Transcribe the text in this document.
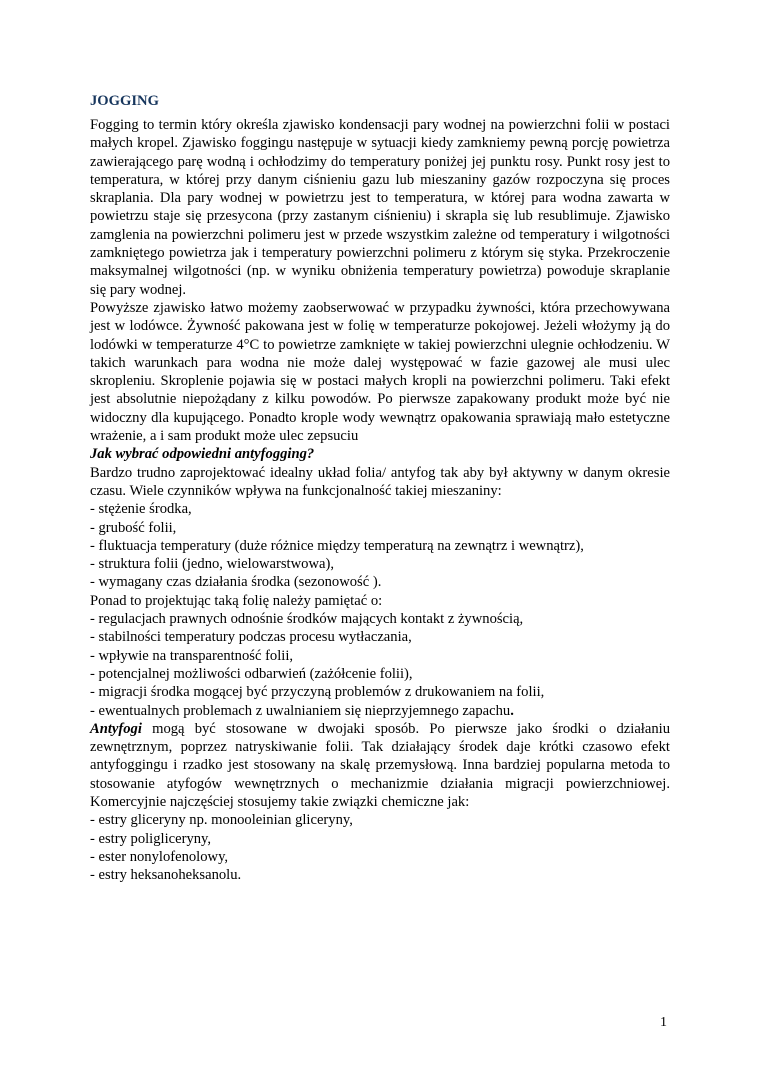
JOGGING

Fogging to termin który określa zjawisko kondensacji pary wodnej na powierzchni folii w postaci małych kropel. Zjawisko foggingu następuje w sytuacji kiedy zamkniemy pewną porcję powietrza zawierającego parę wodną i ochłodzimy do temperatury poniżej jej punktu rosy. Punkt rosy jest to temperatura, w której przy danym ciśnieniu gazu lub mieszaniny gazów rozpoczyna się proces skraplania. Dla pary wodnej w powietrzu jest to temperatura, w której para wodna zawarta w powietrzu staje się przesycona (przy zastanym ciśnieniu) i skrapla się lub resublimuje. Zjawisko zamglenia na powierzchni polimeru jest w przede wszystkim zależne od temperatury i wilgotności zamkniętego powietrza jak i temperatury powierzchni polimeru z którym się styka. Przekroczenie maksymalnej wilgotności (np. w wyniku obniżenia temperatury powietrza) powoduje skraplanie się pary wodnej.

Powyższe zjawisko łatwo możemy zaobserwować w przypadku żywności, która przechowywana jest w lodówce. Żywność pakowana jest w folię w temperaturze pokojowej. Jeżeli włożymy ją do lodówki w temperaturze 4°C to powietrze zamknięte w takiej powierzchni ulegnie ochłodzeniu. W takich warunkach para wodna nie może dalej występować w fazie gazowej ale musi ulec skropleniu. Skroplenie pojawia się w postaci małych kropli na powierzchni polimeru. Taki efekt jest absolutnie niepożądany z kilku powodów. Po pierwsze zapakowany produkt może być nie widoczny dla kupującego. Ponadto krople wody wewnątrz opakowania sprawiają mało estetyczne wrażenie, a i sam produkt może ulec zepsuciu

Jak wybrać odpowiedni antyfogging?

Bardzo trudno zaprojektować idealny układ folia/ antyfog tak aby był aktywny w danym okresie czasu. Wiele czynników wpływa na funkcjonalność takiej mieszaniny:

- stężenie środka,

- grubość folii,

- fluktuacja temperatury (duże różnice między temperaturą na zewnątrz i wewnątrz),

- struktura folii (jedno, wielowarstwowa),

- wymagany czas działania środka (sezonowość ).

Ponad to projektując taką folię należy pamiętać o:

- regulacjach prawnych odnośnie środków mających kontakt z żywnością,

- stabilności temperatury podczas procesu wytłaczania,

- wpływie na transparentność folii,

- potencjalnej możliwości odbarwień (zażółcenie folii),

- migracji środka mogącej być przyczyną problemów z drukowaniem na folii,

- ewentualnych problemach z uwalnianiem się nieprzyjemnego zapachu.

Antyfogi mogą być stosowane w dwojaki sposób. Po pierwsze jako środki o działaniu zewnętrznym, poprzez natryskiwanie folii. Tak działający środek daje krótki czasowo efekt antyfoggingu i rzadko jest stosowany na skalę przemysłową. Inna bardziej popularna metoda to stosowanie atyfogów wewnętrznych o mechanizmie działania migracji powierzchniowej. Komercyjnie najczęściej stosujemy takie związki chemiczne jak:

- estry gliceryny np. monooleinian gliceryny,

- estry poligliceryny,

- ester nonylofenolowy,

- estry heksanoheksanolu.

1
